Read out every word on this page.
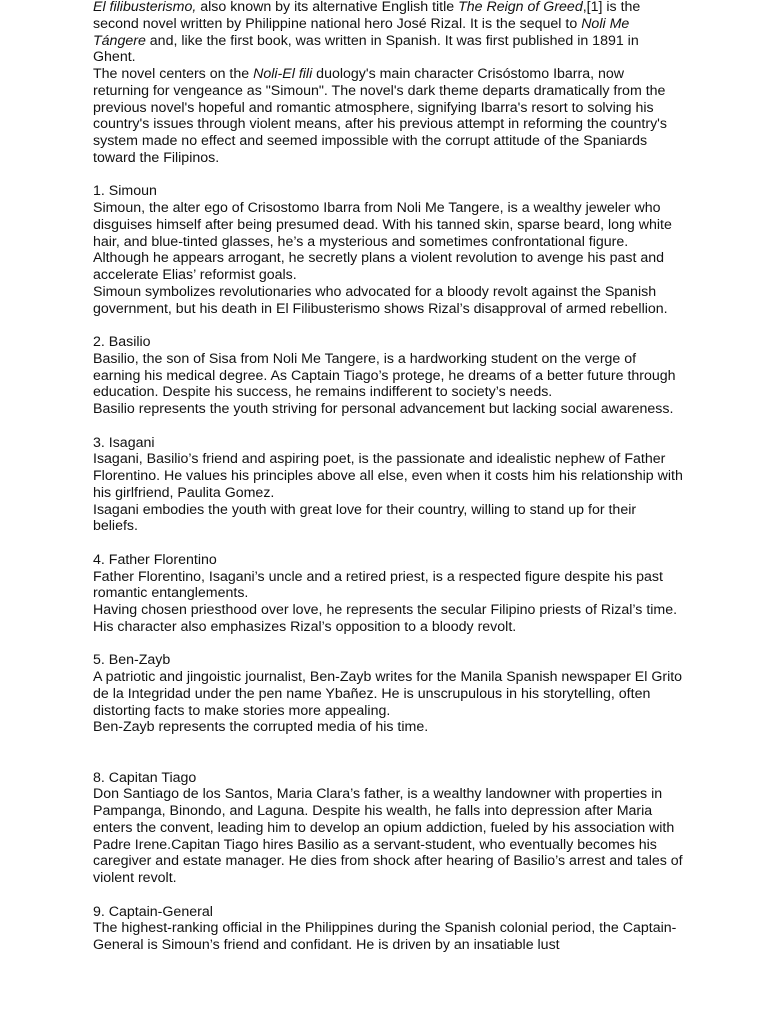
El filibusterismo, also known by its alternative English title The Reign of Greed,[1] is the second novel written by Philippine national hero José Rizal. It is the sequel to Noli Me Tángere and, like the first book, was written in Spanish. It was first published in 1891 in Ghent.

The novel centers on the Noli-El fili duology's main character Crisóstomo Ibarra, now returning for vengeance as "Simoun". The novel's dark theme departs dramatically from the previous novel's hopeful and romantic atmosphere, signifying Ibarra's resort to solving his country's issues through violent means, after his previous attempt in reforming the country's system made no effect and seemed impossible with the corrupt attitude of the Spaniards toward the Filipinos.

1. Simoun

Simoun, the alter ego of Crisostomo Ibarra from Noli Me Tangere, is a wealthy jeweler who disguises himself after being presumed dead. With his tanned skin, sparse beard, long white hair, and blue-tinted glasses, he’s a mysterious and sometimes confrontational figure. Although he appears arrogant, he secretly plans a violent revolution to avenge his past and accelerate Elias’ reformist goals.

Simoun symbolizes revolutionaries who advocated for a bloody revolt against the Spanish government, but his death in El Filibusterismo shows Rizal’s disapproval of armed rebellion.

2. Basilio

Basilio, the son of Sisa from Noli Me Tangere, is a hardworking student on the verge of earning his medical degree. As Captain Tiago’s protege, he dreams of a better future through education. Despite his success, he remains indifferent to society’s needs.

Basilio represents the youth striving for personal advancement but lacking social awareness.

3. Isagani

Isagani, Basilio’s friend and aspiring poet, is the passionate and idealistic nephew of Father Florentino. He values his principles above all else, even when it costs him his relationship with his girlfriend, Paulita Gomez.

Isagani embodies the youth with great love for their country, willing to stand up for their beliefs.

4. Father Florentino

Father Florentino, Isagani’s uncle and a retired priest, is a respected figure despite his past romantic entanglements.

Having chosen priesthood over love, he represents the secular Filipino priests of Rizal’s time. His character also emphasizes Rizal’s opposition to a bloody revolt.

5. Ben-Zayb

A patriotic and jingoistic journalist, Ben-Zayb writes for the Manila Spanish newspaper El Grito de la Integridad under the pen name Ybañez. He is unscrupulous in his storytelling, often distorting facts to make stories more appealing.

Ben-Zayb represents the corrupted media of his time.

8. Capitan Tiago

Don Santiago de los Santos, Maria Clara’s father, is a wealthy landowner with properties in Pampanga, Binondo, and Laguna. Despite his wealth, he falls into depression after Maria enters the convent, leading him to develop an opium addiction, fueled by his association with Padre Irene.Capitan Tiago hires Basilio as a servant-student, who eventually becomes his caregiver and estate manager. He dies from shock after hearing of Basilio’s arrest and tales of violent revolt.

9. Captain-General

The highest-ranking official in the Philippines during the Spanish colonial period, the Captain-General is Simoun’s friend and confidant. He is driven by an insatiable lust
